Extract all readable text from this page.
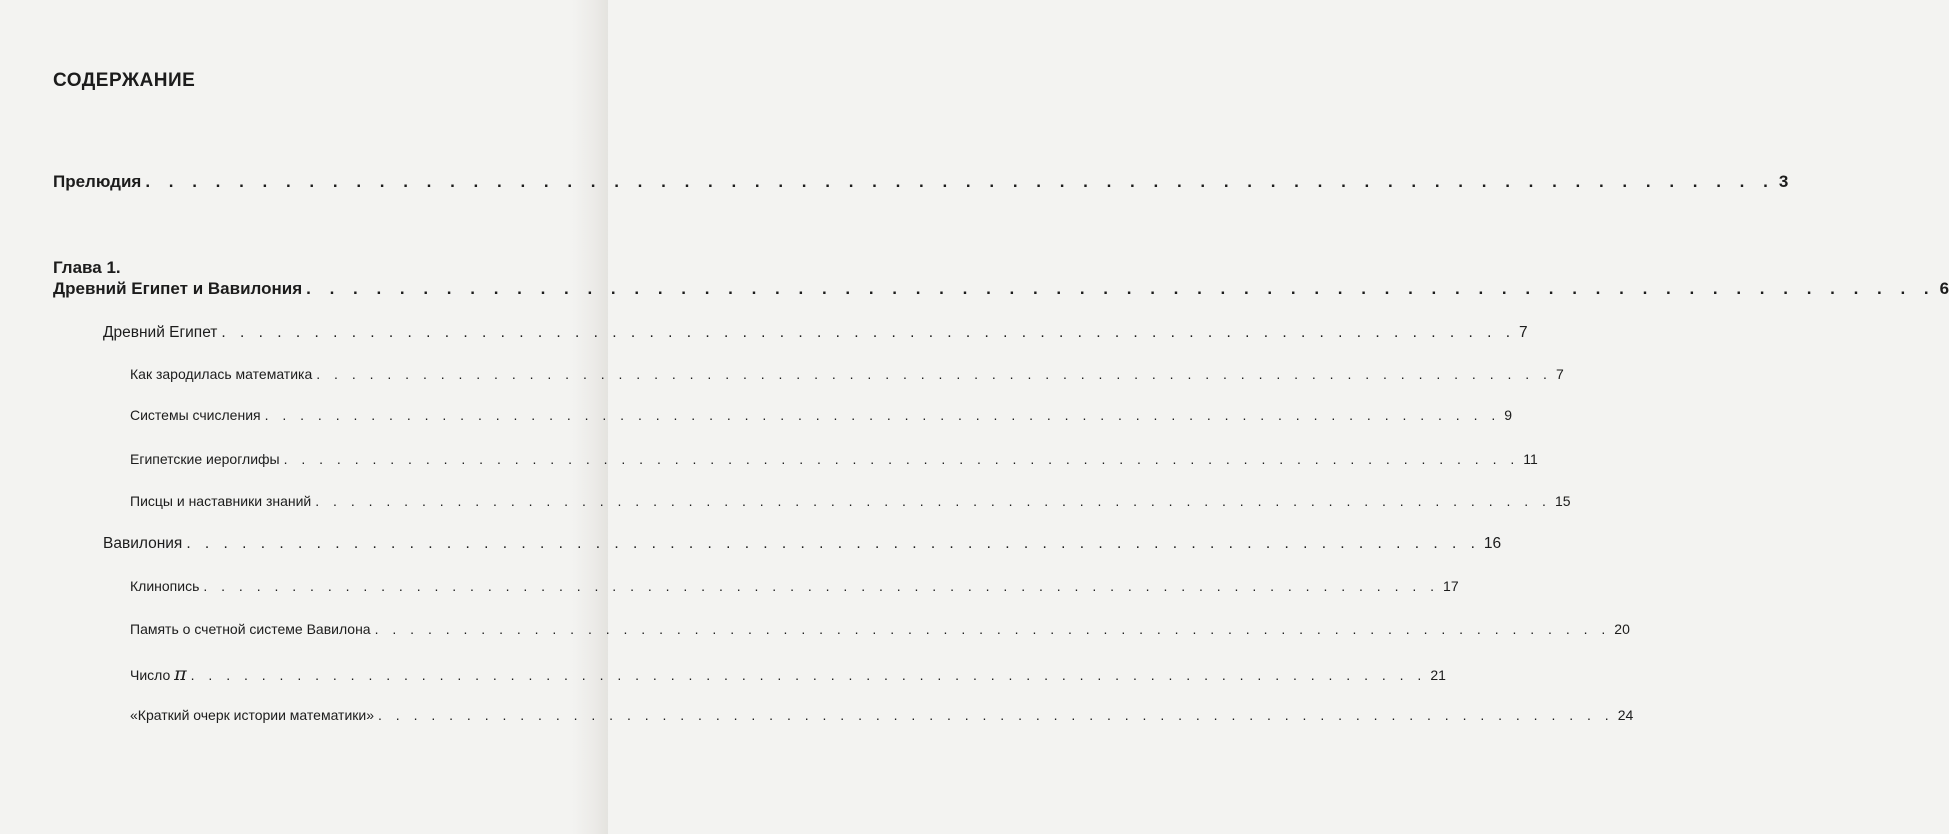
СОДЕРЖАНИЕ
Прелюдия . . . . . . . . . . . . . . . . . . . . . . . . . . . . . . . . . . . . . . . . . . . . . . . . . . . . . . . . . . . . . . . . . . . . . . 3
Глава 1.
Древний Египет и Вавилония . . . . . . . . . . . . . . . . . . . . . . . . . . . . . . . . . . . . . . . . . . . . . . . . . . . . . . . . . . . . . . . . . . . . . . 6
Древний Египет . . . . . . . . . . . . . . . . . . . . . . . . . . . . . . . . . . . . . . . . . . . . . . . . . . . . . . . . . . . . . . . . . . . . . . 7
Как зародилась математика . . . . . . . . . . . . . . . . . . . . . . . . . . . . . . . . . . . . . . . . . . . . . . . . . . . . . . . . . . . . . . . . . . . . . . 7
Системы счисления . . . . . . . . . . . . . . . . . . . . . . . . . . . . . . . . . . . . . . . . . . . . . . . . . . . . . . . . . . . . . . . . . . . . . . 9
Египетские иероглифы . . . . . . . . . . . . . . . . . . . . . . . . . . . . . . . . . . . . . . . . . . . . . . . . . . . . . . . . . . . . . . . . . . . . . . 11
Писцы и наставники знаний . . . . . . . . . . . . . . . . . . . . . . . . . . . . . . . . . . . . . . . . . . . . . . . . . . . . . . . . . . . . . . . . . . . . . . 15
Вавилония . . . . . . . . . . . . . . . . . . . . . . . . . . . . . . . . . . . . . . . . . . . . . . . . . . . . . . . . . . . . . . . . . . . . . . 16
Клинопись . . . . . . . . . . . . . . . . . . . . . . . . . . . . . . . . . . . . . . . . . . . . . . . . . . . . . . . . . . . . . . . . . . . . . . 17
Память о счетной системе Вавилона . . . . . . . . . . . . . . . . . . . . . . . . . . . . . . . . . . . . . . . . . . . . . . . . . . . . . . . . . . . . . . . . . . . . . . 20
Число π . . . . . . . . . . . . . . . . . . . . . . . . . . . . . . . . . . . . . . . . . . . . . . . . . . . . . . . . . . . . . . . . . . . . . . 21
«Краткий очерк истории математики» . . . . . . . . . . . . . . . . . . . . . . . . . . . . . . . . . . . . . . . . . . . . . . . . . . . . . . . . . . . . . . . . . . . . . . 24
